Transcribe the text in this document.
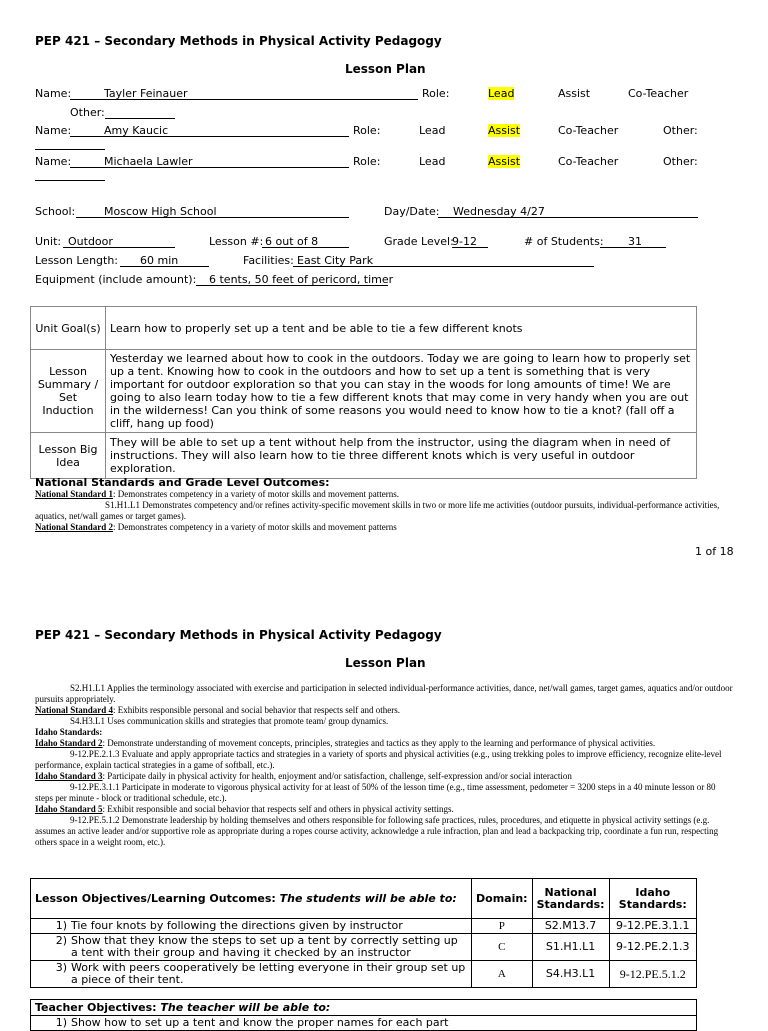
PEP 421 – Secondary Methods in Physical Activity Pedagogy
Lesson Plan
Name:	Tayler Feinauer	Role:	Lead	Assist	Co-Teacher
Other:
Name:	Amy Kaucic	Role:	Lead	Assist	Co-Teacher	Other:
Name:	Michaela Lawler	Role:	Lead	Assist	Co-Teacher	Other:
School:	Moscow High School	Day/Date: Wednesday 4/27
Unit: Outdoor	Lesson #: 6 out of 8	Grade Level:
9-12	# of Students: 31
Lesson Length: 60 min	Facilities: East City Park
Equipment (include amount): 6 tents, 50 feet of pericord, timer
Unit Goal(s)	Learn how to properly set up a tent and be able to tie a few different knots
Lesson Summary / Set Induction	Yesterday we learned about how to cook in the outdoors. Today we are going to learn how to properly set up a tent. Knowing how to cook in the outdoors and how to set up a tent is something that is very important for outdoor exploration so that you can stay in the woods for long amounts of time! We are going to also learn today how to tie a few different knots that may come in very handy when you are out in the wilderness! Can you think of some reasons you would need to know how to tie a knot? (fall off a cliff, hang up food)
Lesson Big Idea	They will be able to set up a tent without help from the instructor, using the diagram when in need of instructions. They will also learn how to tie three different knots which is very useful in outdoor exploration.
National Standards and Grade Level Outcomes:

National Standard 1: Demonstrates competency in a variety of motor skills and movement patterns.

S1.H1.L1 Demonstrates competency and/or refines activity-specific movement skills in two or more life me activities (outdoor pursuits, individual-performance activities, aquatics, net/wall games or target games).

National Standard 2: Demonstrates competency in a variety of motor skills and movement patterns

1 of 18
PEP 421 – Secondary Methods in Physical Activity Pedagogy
Lesson Plan

S2.H1.L1 Applies the terminology associated with exercise and participation in selected individual-performance activities, dance, net/wall games, target games, aquatics and/or outdoor pursuits appropriately.

National Standard 4: Exhibits responsible personal and social behavior that respects self and others.

S4.H3.L1 Uses communication skills and strategies that promote team/ group dynamics.

Idaho Standards:

Idaho Standard 2: Demonstrate understanding of movement concepts, principles, strategies and tactics as they apply to the learning and performance of physical activities.

9-12.PE.2.1.3 Evaluate and apply appropriate tactics and strategies in a variety of sports and physical activities (e.g., using trekking poles to improve efficiency, recognize elite-level performance, explain tactical strategies in a game of softball, etc.).

Idaho Standard 3: Participate daily in physical activity for health, enjoyment and/or satisfaction, challenge, self-expression and/or social interaction

9-12.PE.3.1.1 Participate in moderate to vigorous physical activity for at least of 50% of the lesson time (e.g., time assessment, pedometer = 3200 steps in a 40 minute lesson or 80 steps per minute - block or traditional schedule, etc.).

Idaho Standard 5: Exhibit responsible and social behavior that respects self and others in physical activity settings.

9-12.PE.5.1.2 Demonstrate leadership by holding themselves and others responsible for following safe practices, rules, procedures, and etiquette in physical activity settings (e.g. assumes an active leader and/or supportive role as appropriate during a ropes course activity, acknowledge a rule infraction, plan and lead a backpacking trip, coordinate a fun run, respecting others space in a weight room, etc.).

Lesson Objectives/Learning Outcomes: The students will be able to:	Domain:	National Standards:	Idaho Standards:
1) Tie four knots by following the directions given by instructor	P	S2.M13.7	9-12.PE.3.1.1

2) Show that they know the steps to set up a tent by correctly setting up a tent with their group and having it checked by an instructor	C	S1.H1.L1	9-12.PE.2.1.3

3) Work with peers cooperatively be letting everyone in their group set up a piece of their tent.	A	S4.H3.L1	9-12.PE.5.1.2
Teacher Objectives: The teacher will be able to:
1) Show how to set up a tent and know the proper names for each part
